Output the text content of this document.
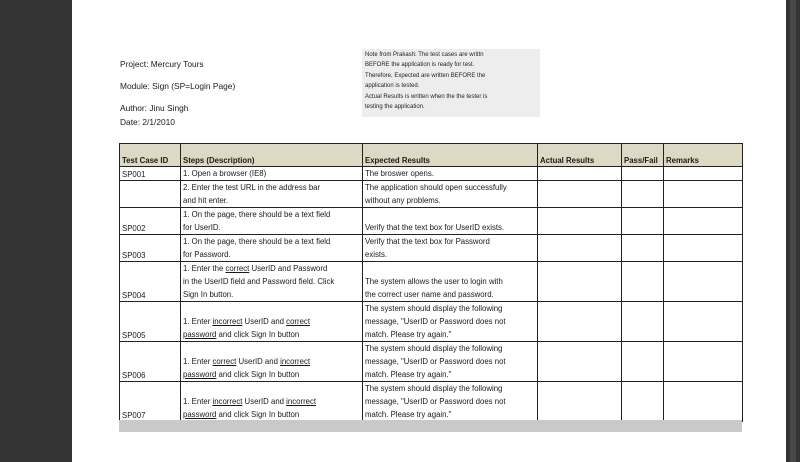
Project: Mercury Tours
Module: Sign (SP=Login Page)
Author: Jinu Singh
Date: 2/1/2010
Note from Prakash: The test cases are writtn
BEFORE the application is ready for test.
Therefore, Expected are written BEFORE the
application is tested.
Actual Results is written when the the tester is
testing the application.
Test Case ID	Steps (Description)	Expected Results	Actual Results	Pass/Fail	Remarks
SP001	1. Open a browser (IE8)	The broswer opens.			

	2. Enter the test URL in the address bar
and hit enter.	The application should open successfully
without any problems.			

SP002	1. On the page, there should be a text field
for UserID.	Verify that the text box for UserID exists.			

SP003	1. On the page, there should be a text field
for Password.	Verify that the text box for Password
exists.			

SP004	1. Enter the correct UserID and Password
in the UserID field and Password field. Click
Sign In button.	The system allows the user to login with
the correct user name and password.			

SP005	1. Enter incorrect UserID and correct
password and click Sign In button	The system should display the following
message, "UserID or Password does not
match. Please try again."			

SP006	1. Enter correct UserID and incorrect
password and click Sign In button	The system should display the following
message, "UserID or Password does not
match. Please try again."			

SP007	1. Enter incorrect UserID and incorrect
password and click Sign In button	The system should display the following
message, "UserID or Password does not
match. Please try again."			
